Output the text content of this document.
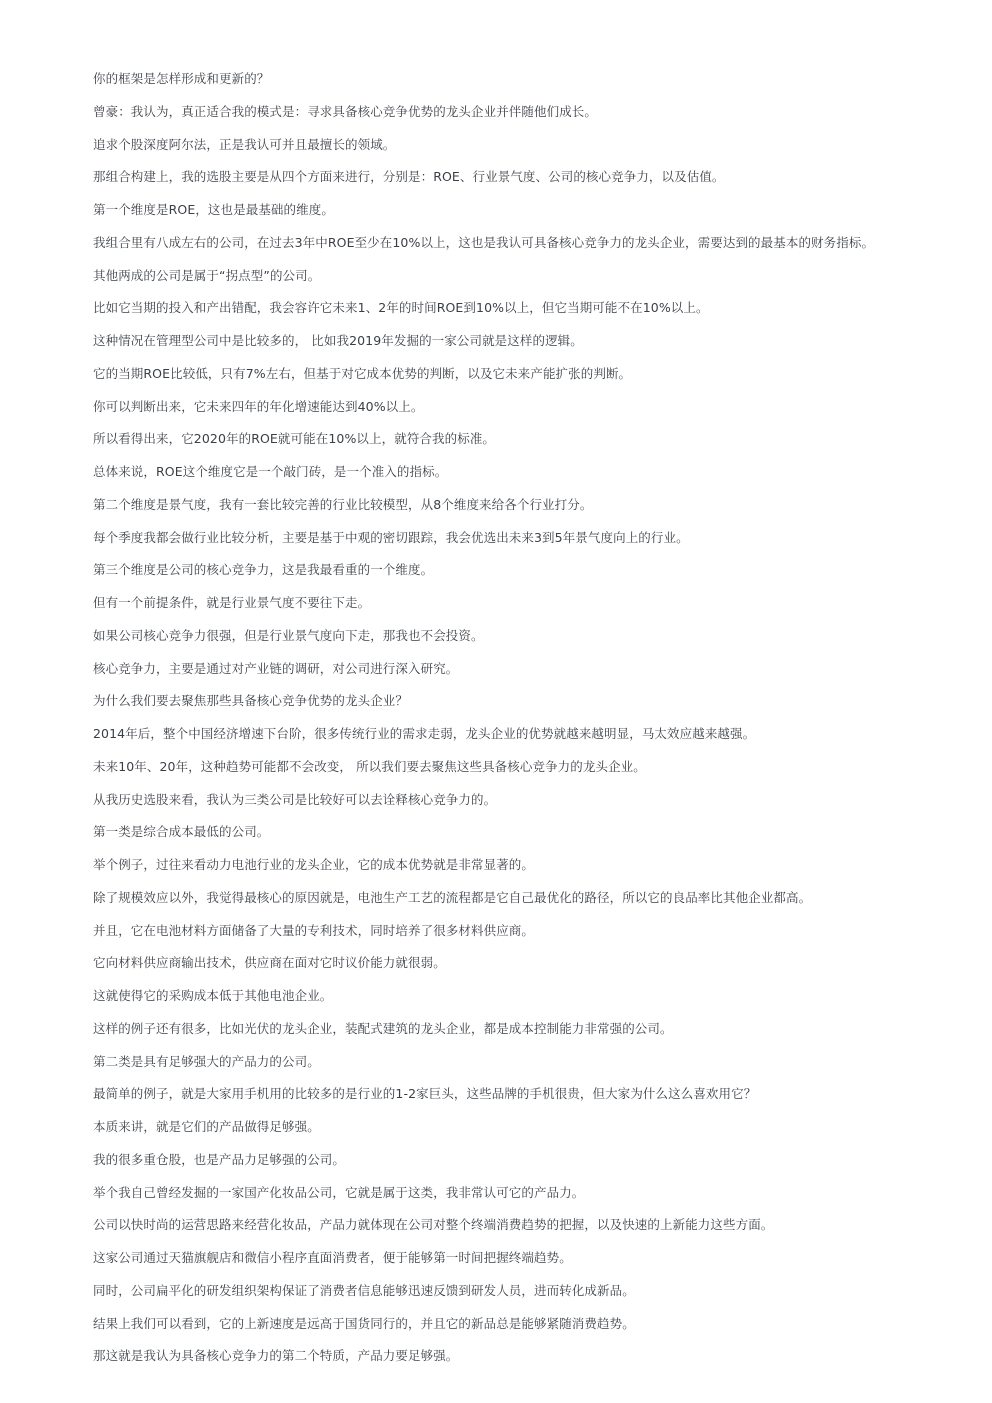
你的框架是怎样形成和更新的？

曾豪：我认为，真正适合我的模式是：寻求具备核心竞争优势的龙头企业并伴随他们成长。

追求个股深度阿尔法，正是我认可并且最擅长的领域。

那组合构建上，我的选股主要是从四个方面来进行，分别是：ROE、行业景气度、公司的核心竞争力，以及估值。

第一个维度是ROE，这也是最基础的维度。

我组合里有八成左右的公司，在过去3年中ROE至少在10%以上，这也是我认可具备核心竞争力的龙头企业，需要达到的最基本的财务指标。

其他两成的公司是属于“拐点型”的公司。

比如它当期的投入和产出错配，我会容许它未来1、2年的时间ROE到10%以上，但它当期可能不在10%以上。

这种情况在管理型公司中是比较多的， 比如我2019年发掘的一家公司就是这样的逻辑。

它的当期ROE比较低，只有7%左右，但基于对它成本优势的判断，以及它未来产能扩张的判断。

你可以判断出来，它未来四年的年化增速能达到40%以上。

所以看得出来，它2020年的ROE就可能在10%以上，就符合我的标准。

总体来说，ROE这个维度它是一个敲门砖，是一个准入的指标。

第二个维度是景气度，我有一套比较完善的行业比较模型，从8个维度来给各个行业打分。

每个季度我都会做行业比较分析，主要是基于中观的密切跟踪，我会优选出未来3到5年景气度向上的行业。

第三个维度是公司的核心竞争力，这是我最看重的一个维度。

但有一个前提条件，就是行业景气度不要往下走。

如果公司核心竞争力很强，但是行业景气度向下走，那我也不会投资。

核心竞争力，主要是通过对产业链的调研，对公司进行深入研究。

为什么我们要去聚焦那些具备核心竞争优势的龙头企业？

2014年后，整个中国经济增速下台阶，很多传统行业的需求走弱，龙头企业的优势就越来越明显，马太效应越来越强。

未来10年、20年，这种趋势可能都不会改变， 所以我们要去聚焦这些具备核心竞争力的龙头企业。

从我历史选股来看，我认为三类公司是比较好可以去诠释核心竞争力的。

第一类是综合成本最低的公司。

举个例子，过往来看动力电池行业的龙头企业，它的成本优势就是非常显著的。

除了规模效应以外，我觉得最核心的原因就是，电池生产工艺的流程都是它自己最优化的路径，所以它的良品率比其他企业都高。

并且，它在电池材料方面储备了大量的专利技术，同时培养了很多材料供应商。

它向材料供应商输出技术，供应商在面对它时议价能力就很弱。

这就使得它的采购成本低于其他电池企业。

这样的例子还有很多，比如光伏的龙头企业，装配式建筑的龙头企业，都是成本控制能力非常强的公司。

第二类是具有足够强大的产品力的公司。

最简单的例子，就是大家用手机用的比较多的是行业的1-2家巨头，这些品牌的手机很贵，但大家为什么这么喜欢用它？

本质来讲，就是它们的产品做得足够强。

我的很多重仓股，也是产品力足够强的公司。

举个我自己曾经发掘的一家国产化妆品公司，它就是属于这类，我非常认可它的产品力。

公司以快时尚的运营思路来经营化妆品，产品力就体现在公司对整个终端消费趋势的把握，以及快速的上新能力这些方面。

这家公司通过天猫旗舰店和微信小程序直面消费者，便于能够第一时间把握终端趋势。

同时，公司扁平化的研发组织架构保证了消费者信息能够迅速反馈到研发人员，进而转化成新品。

结果上我们可以看到，它的上新速度是远高于国货同行的，并且它的新品总是能够紧随消费趋势。

那这就是我认为具备核心竞争力的第二个特质，产品力要足够强。
